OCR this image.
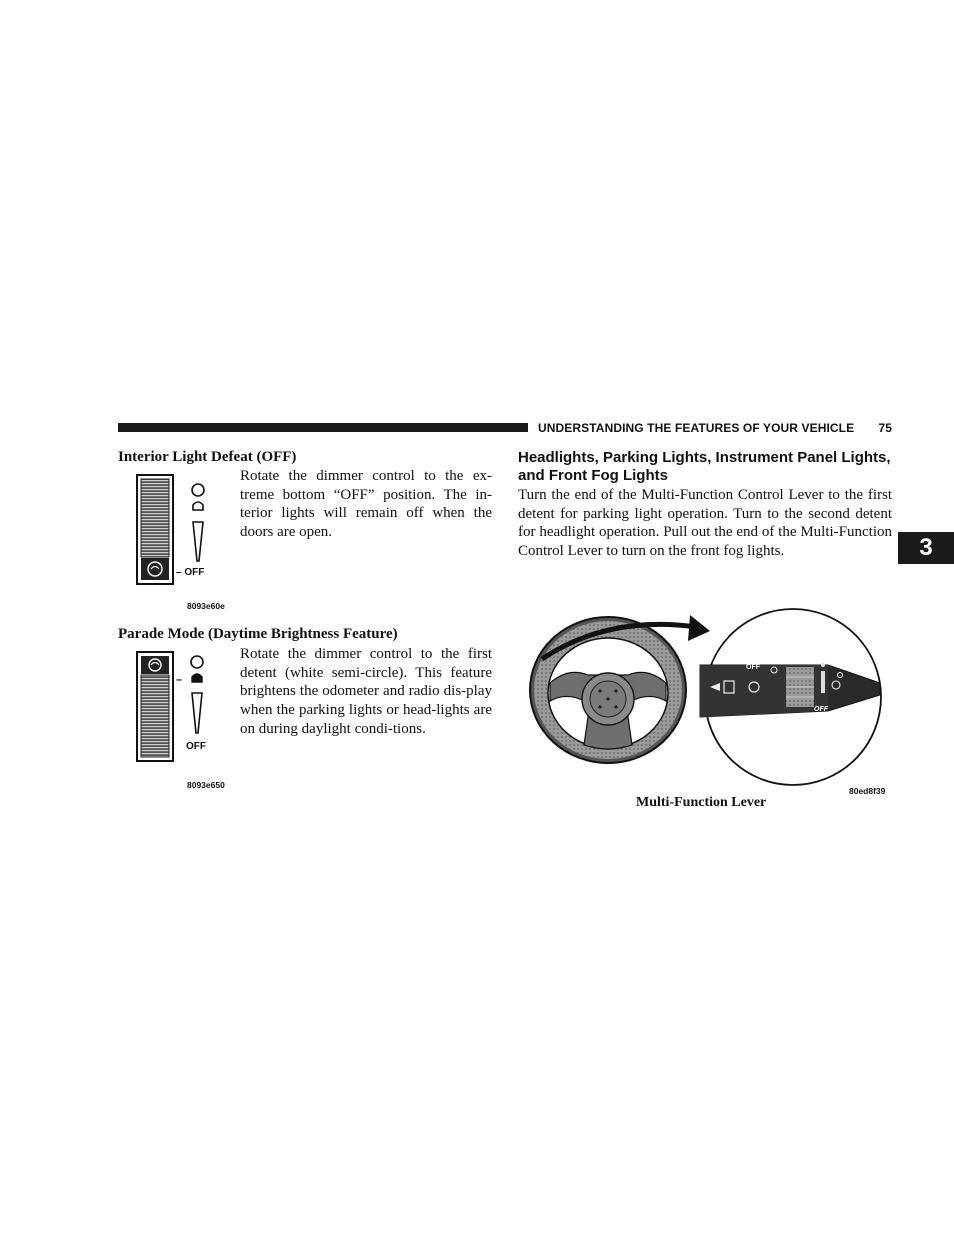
UNDERSTANDING THE FEATURES OF YOUR VEHICLE 75
3
Interior Light Defeat (OFF)
– OFF
8093e60e
Rotate the dimmer control to the ex-treme bottom “OFF” position. The in-terior lights will remain off when the doors are open.
Parade Mode (Daytime Brightness Feature)
–
OFF
8093e650
Rotate the dimmer control to the first detent (white semi-circle). This feature brightens the odometer and radio dis-play when the parking lights or head-lights are on during daylight condi-tions.
Headlights, Parking Lights, Instrument Panel Lights, and Front Fog Lights
Turn the end of the Multi-Function Control Lever to the first detent for parking light operation. Turn to the second detent for headlight operation. Pull out the end of the Multi-Function Control Lever to turn on the front fog lights.
OFF
OFF
80ed8f39
Multi-Function Lever
